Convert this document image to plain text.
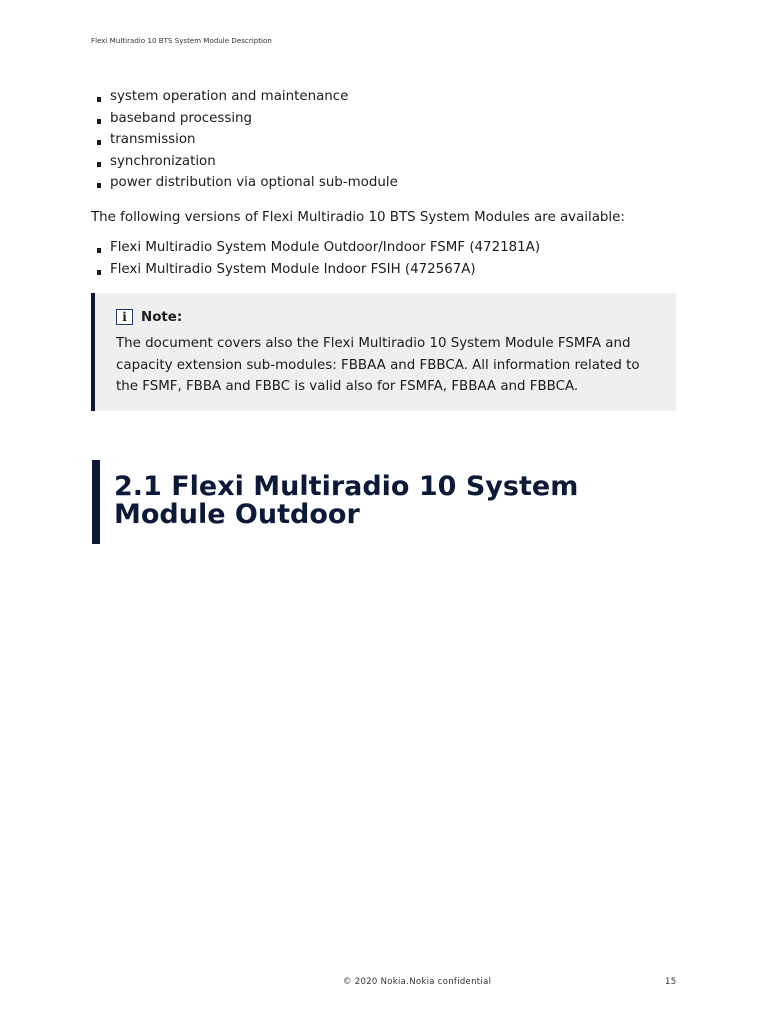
Flexi Multiradio 10 BTS System Module Description
system operation and maintenance
baseband processing
transmission
synchronization
power distribution via optional sub-module

The following versions of Flexi Multiradio 10 BTS System Modules are available:

Flexi Multiradio System Module Outdoor/Indoor FSMF (472181A)
Flexi Multiradio System Module Indoor FSIH (472567A)
i	Note:

The document covers also the Flexi Multiradio 10 System Module FSMFA and capacity extension sub-modules: FBBAA and FBBCA. All information related to the FSMF, FBBA and FBBC is valid also for FSMFA, FBBAA and FBBCA.

2.1 Flexi Multiradio 10 System Module Outdoor
© 2020 Nokia.Nokia confidential	15
